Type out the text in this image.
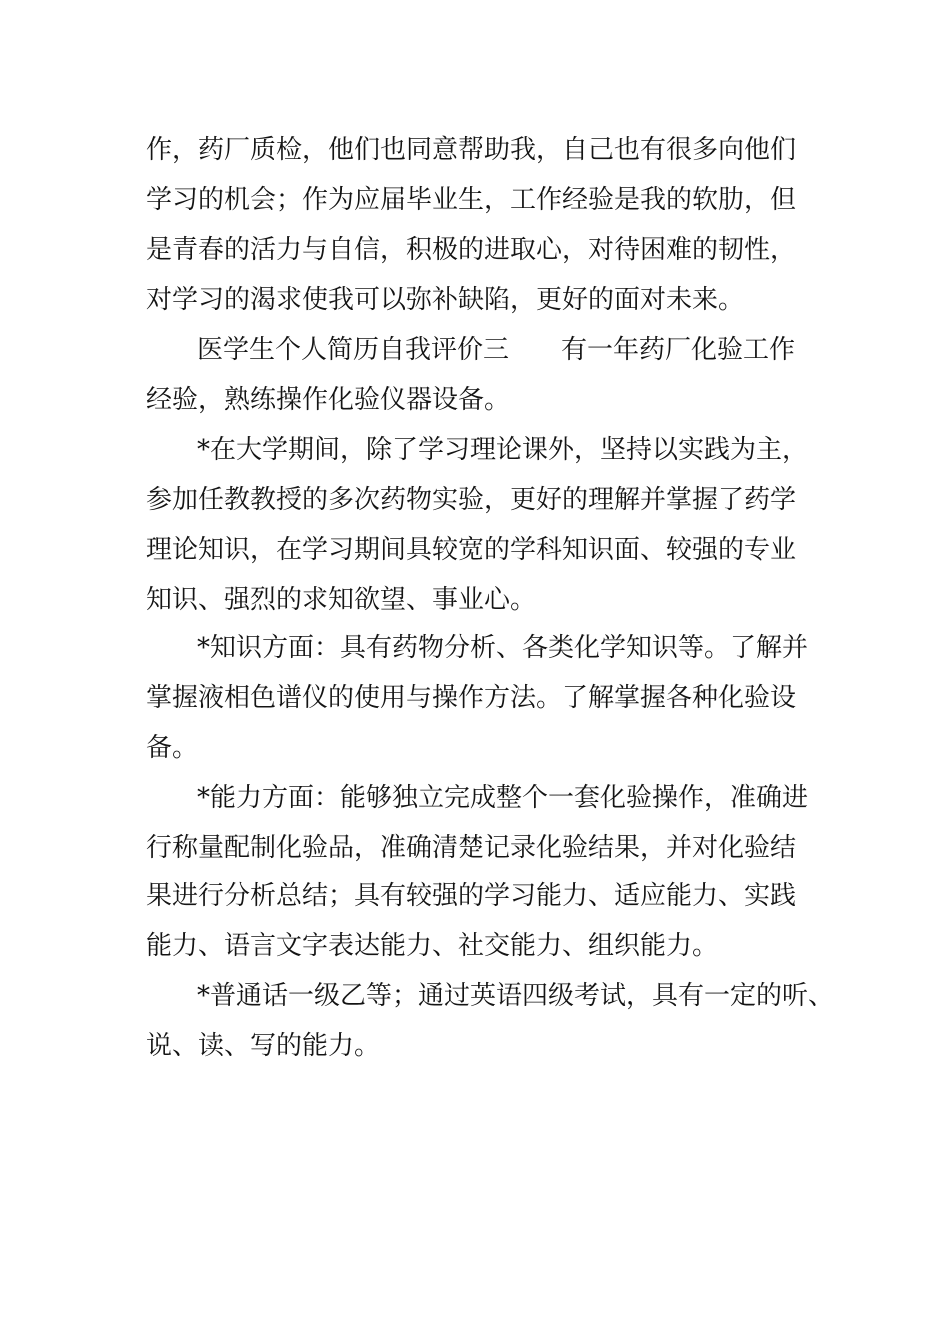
作，药厂质检，他们也同意帮助我，自己也有很多向他们

学习的机会；作为应届毕业生，工作经验是我的软肋，但

是青春的活力与自信，积极的进取心，对待困难的韧性，

对学习的渴求使我可以弥补缺陷，更好的面对未来。

医学生个人简历自我评价三　　有一年药厂化验工作

经验，熟练操作化验仪器设备。

*在大学期间，除了学习理论课外，坚持以实践为主，

参加任教教授的多次药物实验，更好的理解并掌握了药学

理论知识，在学习期间具较宽的学科知识面、较强的专业

知识、强烈的求知欲望、事业心。

*知识方面：具有药物分析、各类化学知识等。了解并

掌握液相色谱仪的使用与操作方法。了解掌握各种化验设

备。

*能力方面：能够独立完成整个一套化验操作，准确进

行称量配制化验品，准确清楚记录化验结果，并对化验结

果进行分析总结；具有较强的学习能力、适应能力、实践

能力、语言文字表达能力、社交能力、组织能力。

*普通话一级乙等；通过英语四级考试，具有一定的听、

说、读、写的能力。
